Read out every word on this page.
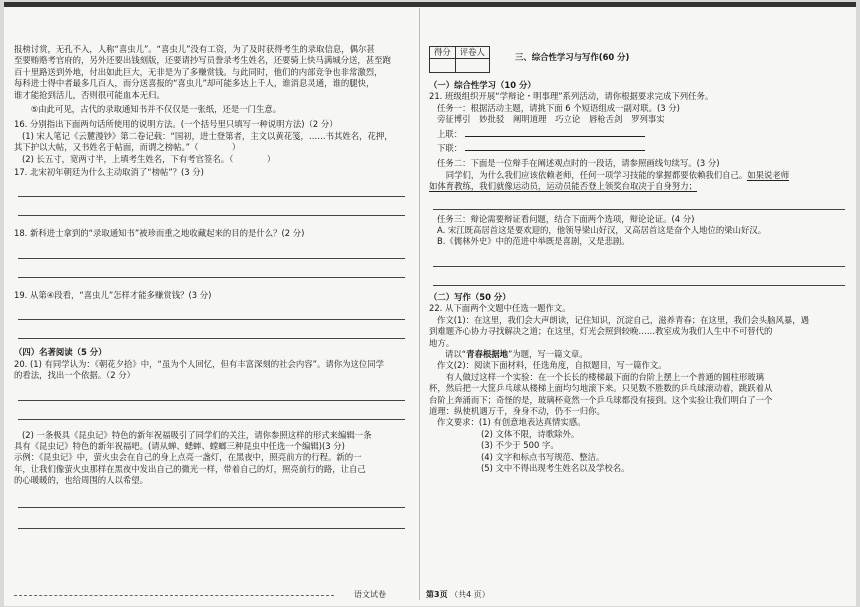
报榜讨赏，无孔不入，人称“喜虫儿”。“喜虫儿”没有工资，为了及时获得考生的录取信息，偶尔甚

至要贿赂考官府的，另外还要出钱刻版，还要请抄写员誊录考生姓名，还要骑上快马满城分送，甚至跑

百十里路送到外地，付出如此巨大，无非是为了多赚赏钱。与此同时，他们的内部竞争也非常激烈，

每科进士得中者最多几百人，而分送喜报的“喜虫儿”却可能多达上千人，谁消息灵通，谁的腿快，

谁才能抢到活儿，否则很可能血本无归。

⑤由此可见，古代的录取通知书并不仅仅是一张纸，还是一门生意。

16. 分别指出下面两句话所使用的说明方法。(一个括号里只填写一种说明方法)（2 分）

(1) 宋人笔记《云麓漫钞》第二卷记载：“国初，进士登第者，主文以黄花笺，……书其姓名，花押，

其下护以大帖，又书姓名于帖面，而谓之榜帖。”（　　　　）

(2) 长五寸，宽两寸半，上填考生姓名，下有考官签名。（　　　　）

17. 北宋初年朝廷为什么主动取消了“榜帖”？(3 分)

18. 新科进士拿到的“录取通知书”被珍而重之地收藏起来的目的是什么？(2 分)

19. 从第④段看，“喜虫儿”怎样才能多赚赏钱？(3 分)

（四）名著阅读（5 分）

20. (1) 有同学认为：《朝花夕拾》中，“虽为个人回忆，但有丰富深刻的社会内容”。请你为这位同学

的看法，找出一个依据。（2 分）

(2) 一条极具《昆虫记》特色的新年祝福吸引了同学们的关注，请你参照这样的形式来编辑一条

具有《昆虫记》特色的新年祝福吧。(请从蝉、蟋蟀、螳螂三种昆虫中任选一个编辑)(3 分)

示例：《昆虫记》中，萤火虫会在自己的身上点亮一盏灯，在黑夜中，照亮前方的行程。新的一

年，让我们像萤火虫那样在黑夜中发出自己的微光一样，带着自己的灯，照亮前行的路，让自己

的心暖暖的，也给周围的人以希望。

得分	评卷人
		三、综合性学习与写作(60 分)

（一）综合性学习（10 分）

21. 班级组织开展“学辩论・明事理”系列活动，请你根据要求完成下列任务。

任务一：根据活动主题，请挑下面 6 个短语组成一副对联。(3 分)

旁征博引 妙批驳 阐明道理 巧立论 唇枪舌剑 罗列事实

上联：

下联：

任务二：下面是一位辩手在阐述观点时的一段话，请参照画线句续写。(3 分)

同学们，为什么我们应该依赖老师，任何一项学习技能的掌握都要依赖我们自己。如果说老师

如体育教练，我们就像运动员，运动员能否登上领奖台取决于自身努力；

任务三：辩论需要辩证看问题，结合下面两个选项，辩论论证。(4 分)

A. 宋江既高居首这是要欢迎的，他领导梁山好汉，又高居首这是奋个人地位的梁山好汉。

B.《儒林外史》中的范进中举既是喜剧，又是悲剧。

（二）写作（50 分）

22. 从下面两个文题中任选一题作文。

作文(1)：在这里，我们会大声朗读，记住知识，沉淀自己，滋养青春；在这里，我们会头脑风暴，遇

到难题齐心协力寻找解决之道；在这里，灯光会照到较晚……教室成为我们人生中不可替代的

地方。

请以“青春根据地”为题，写一篇文章。

作文(2)：阅读下面材料，任选角度，自拟题目，写一篇作文。

有人做过这样一个实验：在一个长长的楼梯最下面的台阶上摆上一个普通的圆柱形玻璃

杯，然后把一大筐乒乓球从楼梯上面均匀地滚下来。只见数不胜数的乒乓球滚动着，跳跃着从

台阶上奔涌而下；奇怪的是，玻璃杯竟然一个乒乓球都没有接到。这个实验让我们明白了一个

道理：纵使机遇万千，身身不动，仍不一归你。

作文要求：(1) 有创意地表达真情实感。

(2) 文体不限，诗歌除外。

(3) 不少于 500 字。

(4) 文字和标点书写规范、整洁。

(5) 文中不得出现考生姓名以及学校名。

语文试卷	第3页 （共4 页）
